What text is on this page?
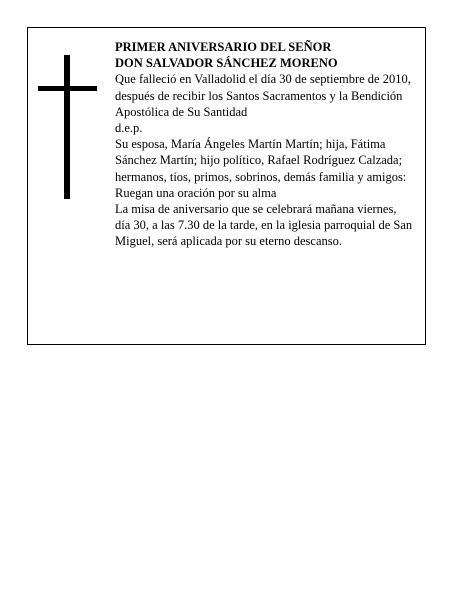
PRIMER ANIVERSARIO DEL SEÑOR

DON SALVADOR SÁNCHEZ MORENO

Que falleció en Valladolid el día 30 de septiembre de 2010, después de recibir los Santos Sacramentos y la Bendición Apostólica de Su Santidad

d.e.p.

Su esposa, María Ángeles Martín Martín; hija, Fátima Sánchez Martín; hijo político, Rafael Rodríguez Calzada; hermanos, tíos, primos, sobrinos, demás familia y amigos:

Ruegan una oración por su alma

La misa de aniversario que se celebrará mañana viernes, día 30, a las 7.30 de la tarde, en la iglesia parroquial de San Miguel, será aplicada por su eterno descanso.
